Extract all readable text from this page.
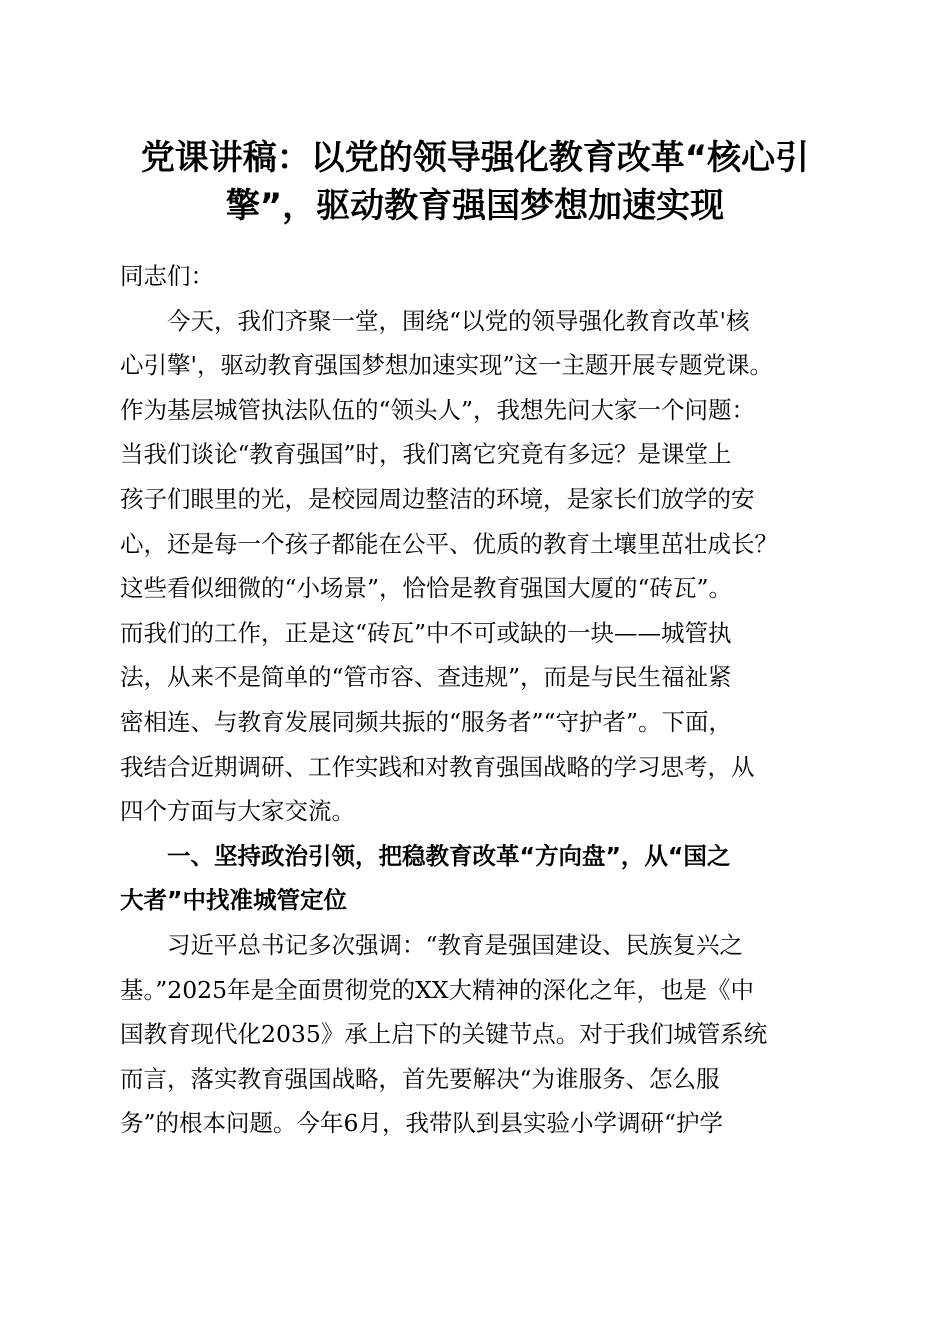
党课讲稿：以党的领导强化教育改革“核心引
擎”，驱动教育强国梦想加速实现

同志们：

　　今天，我们齐聚一堂，围绕“以党的领导强化教育改革'核
心引擎'，驱动教育强国梦想加速实现”这一主题开展专题党课。
作为基层城管执法队伍的“领头人”，我想先问大家一个问题：
当我们谈论“教育强国”时，我们离它究竟有多远？是课堂上
孩子们眼里的光，是校园周边整洁的环境，是家长们放学的安
心，还是每一个孩子都能在公平、优质的教育土壤里茁壮成长？
这些看似细微的“小场景”，恰恰是教育强国大厦的“砖瓦”。
而我们的工作，正是这“砖瓦”中不可或缺的一块——城管执
法，从来不是简单的“管市容、查违规”，而是与民生福祉紧
密相连、与教育发展同频共振的“服务者”“守护者”。下面，
我结合近期调研、工作实践和对教育强国战略的学习思考，从
四个方面与大家交流。

　　一、坚持政治引领，把稳教育改革“方向盘”，从“国之
大者”中找准城管定位

　　习近平总书记多次强调：“教育是强国建设、民族复兴之
基。”2025年是全面贯彻党的XX大精神的深化之年，也是《中
国教育现代化2035》承上启下的关键节点。对于我们城管系统
而言，落实教育强国战略，首先要解决“为谁服务、怎么服
务”的根本问题。今年6月，我带队到县实验小学调研“护学
